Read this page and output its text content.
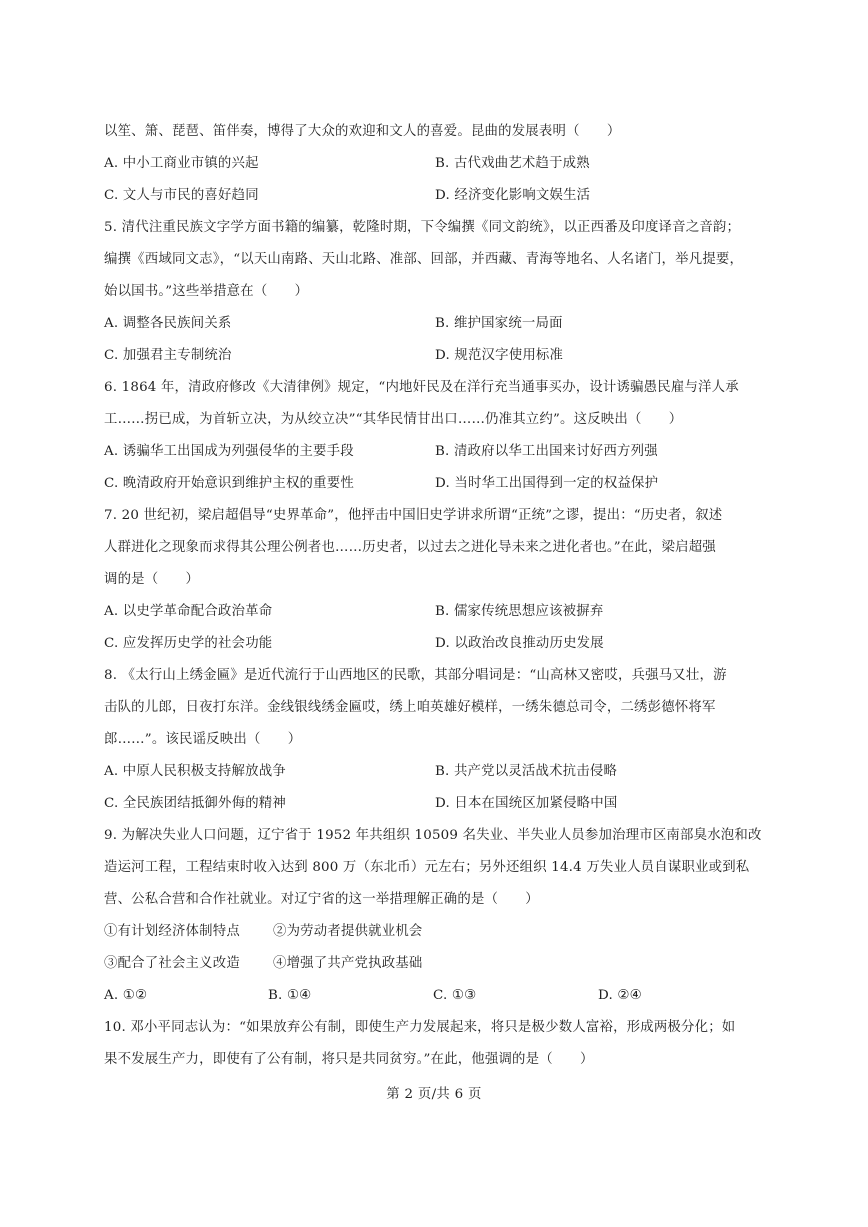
以笙、箫、琵琶、笛伴奏，博得了大众的欢迎和文人的喜爱。昆曲的发展表明（　　）
A. 中小工商业市镇的兴起	B. 古代戏曲艺术趋于成熟
C. 文人与市民的喜好趋同	D. 经济变化影响文娱生活
5. 清代注重民族文字学方面书籍的编纂，乾隆时期，下令编撰《同文韵统》，以正西番及印度译音之音韵；
编撰《西域同文志》，“以天山南路、天山北路、准部、回部，并西藏、青海等地名、人名诸门，举凡提要，
始以国书。”这些举措意在（　　）
A. 调整各民族间关系	B. 维护国家统一局面
C. 加强君主专制统治	D. 规范汉字使用标准
6. 1864 年，清政府修改《大清律例》规定，“内地奸民及在洋行充当通事买办，设计诱骗愚民雇与洋人承
工……拐已成，为首斩立决，为从绞立决”“其华民情甘出口……仍准其立约”。这反映出（　　）
A. 诱骗华工出国成为列强侵华的主要手段	B. 清政府以华工出国来讨好西方列强
C. 晚清政府开始意识到维护主权的重要性	D. 当时华工出国得到一定的权益保护
7. 20 世纪初，梁启超倡导“史界革命”，他抨击中国旧史学讲求所谓“正统”之谬，提出：“历史者，叙述
人群进化之现象而求得其公理公例者也……历史者，以过去之进化导未来之进化者也。”在此，梁启超强
调的是（　　）
A. 以史学革命配合政治革命	B. 儒家传统思想应该被摒弃
C. 应发挥历史学的社会功能	D. 以政治改良推动历史发展
8. 《太行山上绣金匾》是近代流行于山西地区的民歌，其部分唱词是：“山高林又密哎，兵强马又壮，游
击队的儿郎，日夜打东洋。金线银线绣金匾哎，绣上咱英雄好模样，一绣朱德总司令，二绣彭德怀将军
郎……”。该民谣反映出（　　）
A. 中原人民积极支持解放战争	B. 共产党以灵活战术抗击侵略
C. 全民族团结抵御外侮的精神	D. 日本在国统区加紧侵略中国
9. 为解决失业人口问题，辽宁省于 1952 年共组织 10509 名失业、半失业人员参加治理市区南部臭水泡和改
造运河工程，工程结束时收入达到 800 万（东北币）元左右；另外还组织 14.4 万失业人员自谋职业或到私
营、公私合营和合作社就业。对辽宁省的这一举措理解正确的是（　　）
①有计划经济体制特点 ②为劳动者提供就业机会
③配合了社会主义改造 ④增强了共产党执政基础
A. ①②	B. ①④	C. ①③	D. ②④
10. 邓小平同志认为：“如果放弃公有制，即使生产力发展起来，将只是极少数人富裕，形成两极分化；如
果不发展生产力，即使有了公有制，将只是共同贫穷。”在此，他强调的是（　　）
第 2 页/共 6 页
